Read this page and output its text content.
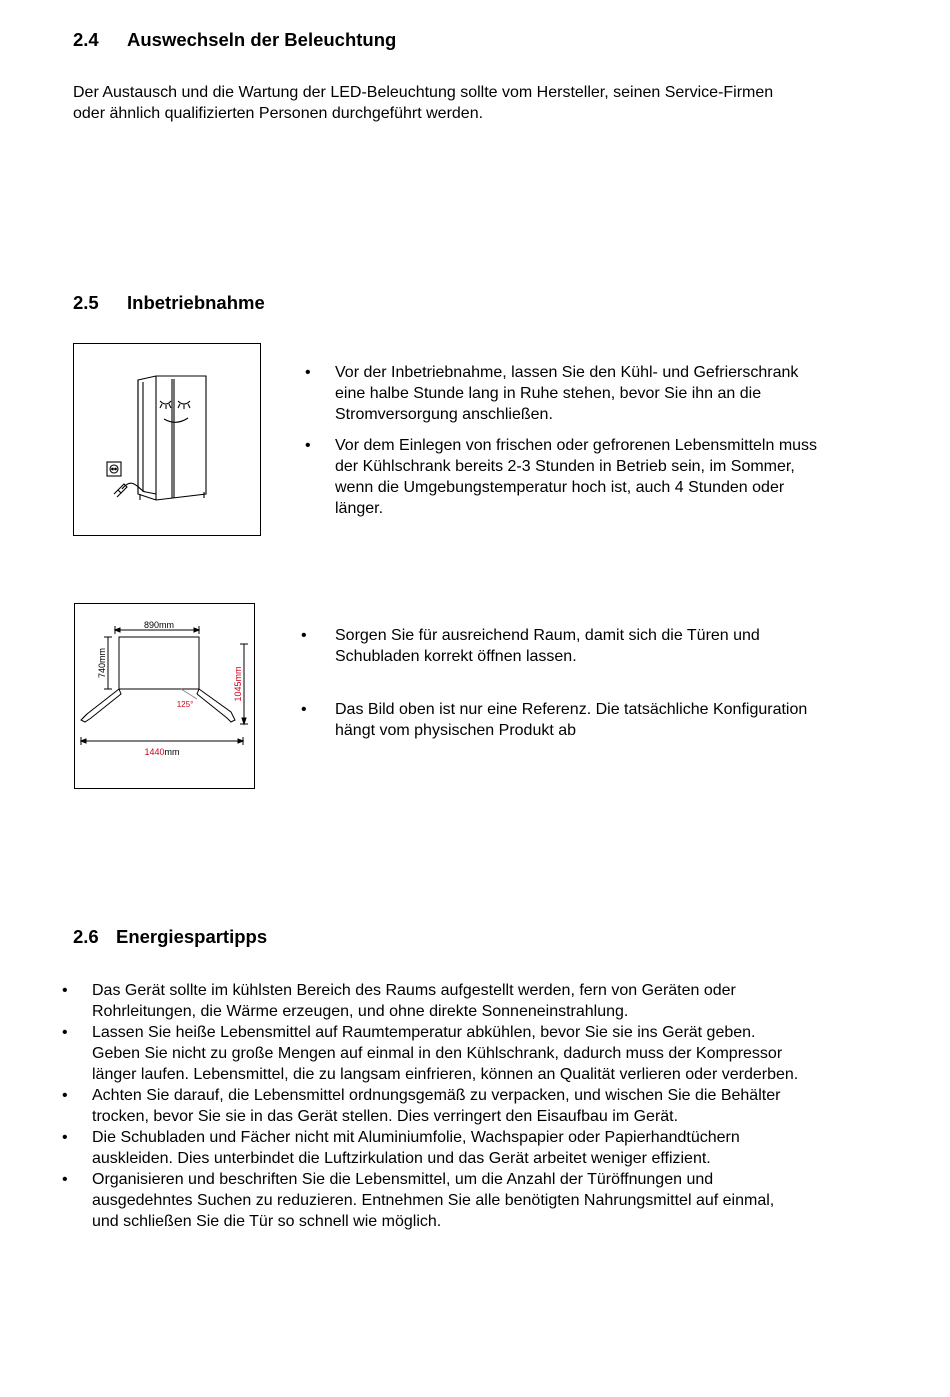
2.4 Auswechseln der Beleuchtung
Der Austausch und die Wartung der LED-Beleuchtung sollte vom Hersteller, seinen Service-Firmen
oder ähnlich qualifizierten Personen durchgeführt werden.
2.5 Inbetriebnahme
• Vor der Inbetriebnahme, lassen Sie den Kühl- und Gefrierschrank
eine halbe Stunde lang in Ruhe stehen, bevor Sie ihn an die
Stromversorgung anschließen.
• Vor dem Einlegen von frischen oder gefrorenen Lebensmitteln muss
der Kühlschrank bereits 2-3 Stunden in Betrieb sein, im Sommer,
wenn die Umgebungstemperatur hoch ist, auch 4 Stunden oder
länger.
890mm
740mm
1045mm
125°
1440mm
• Sorgen Sie für ausreichend Raum, damit sich die Türen und
Schubladen korrekt öffnen lassen.
• Das Bild oben ist nur eine Referenz. Die tatsächliche Konfiguration
hängt vom physischen Produkt ab
2.6 Energiespartipps
• Das Gerät sollte im kühlsten Bereich des Raums aufgestellt werden, fern von Geräten oder
Rohrleitungen, die Wärme erzeugen, und ohne direkte Sonneneinstrahlung.
• Lassen Sie heiße Lebensmittel auf Raumtemperatur abkühlen, bevor Sie sie ins Gerät geben.
Geben Sie nicht zu große Mengen auf einmal in den Kühlschrank, dadurch muss der Kompressor
länger laufen. Lebensmittel, die zu langsam einfrieren, können an Qualität verlieren oder verderben.
• Achten Sie darauf, die Lebensmittel ordnungsgemäß zu verpacken, und wischen Sie die Behälter
trocken, bevor Sie sie in das Gerät stellen. Dies verringert den Eisaufbau im Gerät.
• Die Schubladen und Fächer nicht mit Aluminiumfolie, Wachspapier oder Papierhandtüchern
auskleiden. Dies unterbindet die Luftzirkulation und das Gerät arbeitet weniger effizient.
• Organisieren und beschriften Sie die Lebensmittel, um die Anzahl der Türöffnungen und
ausgedehntes Suchen zu reduzieren. Entnehmen Sie alle benötigten Nahrungsmittel auf einmal,
und schließen Sie die Tür so schnell wie möglich.
